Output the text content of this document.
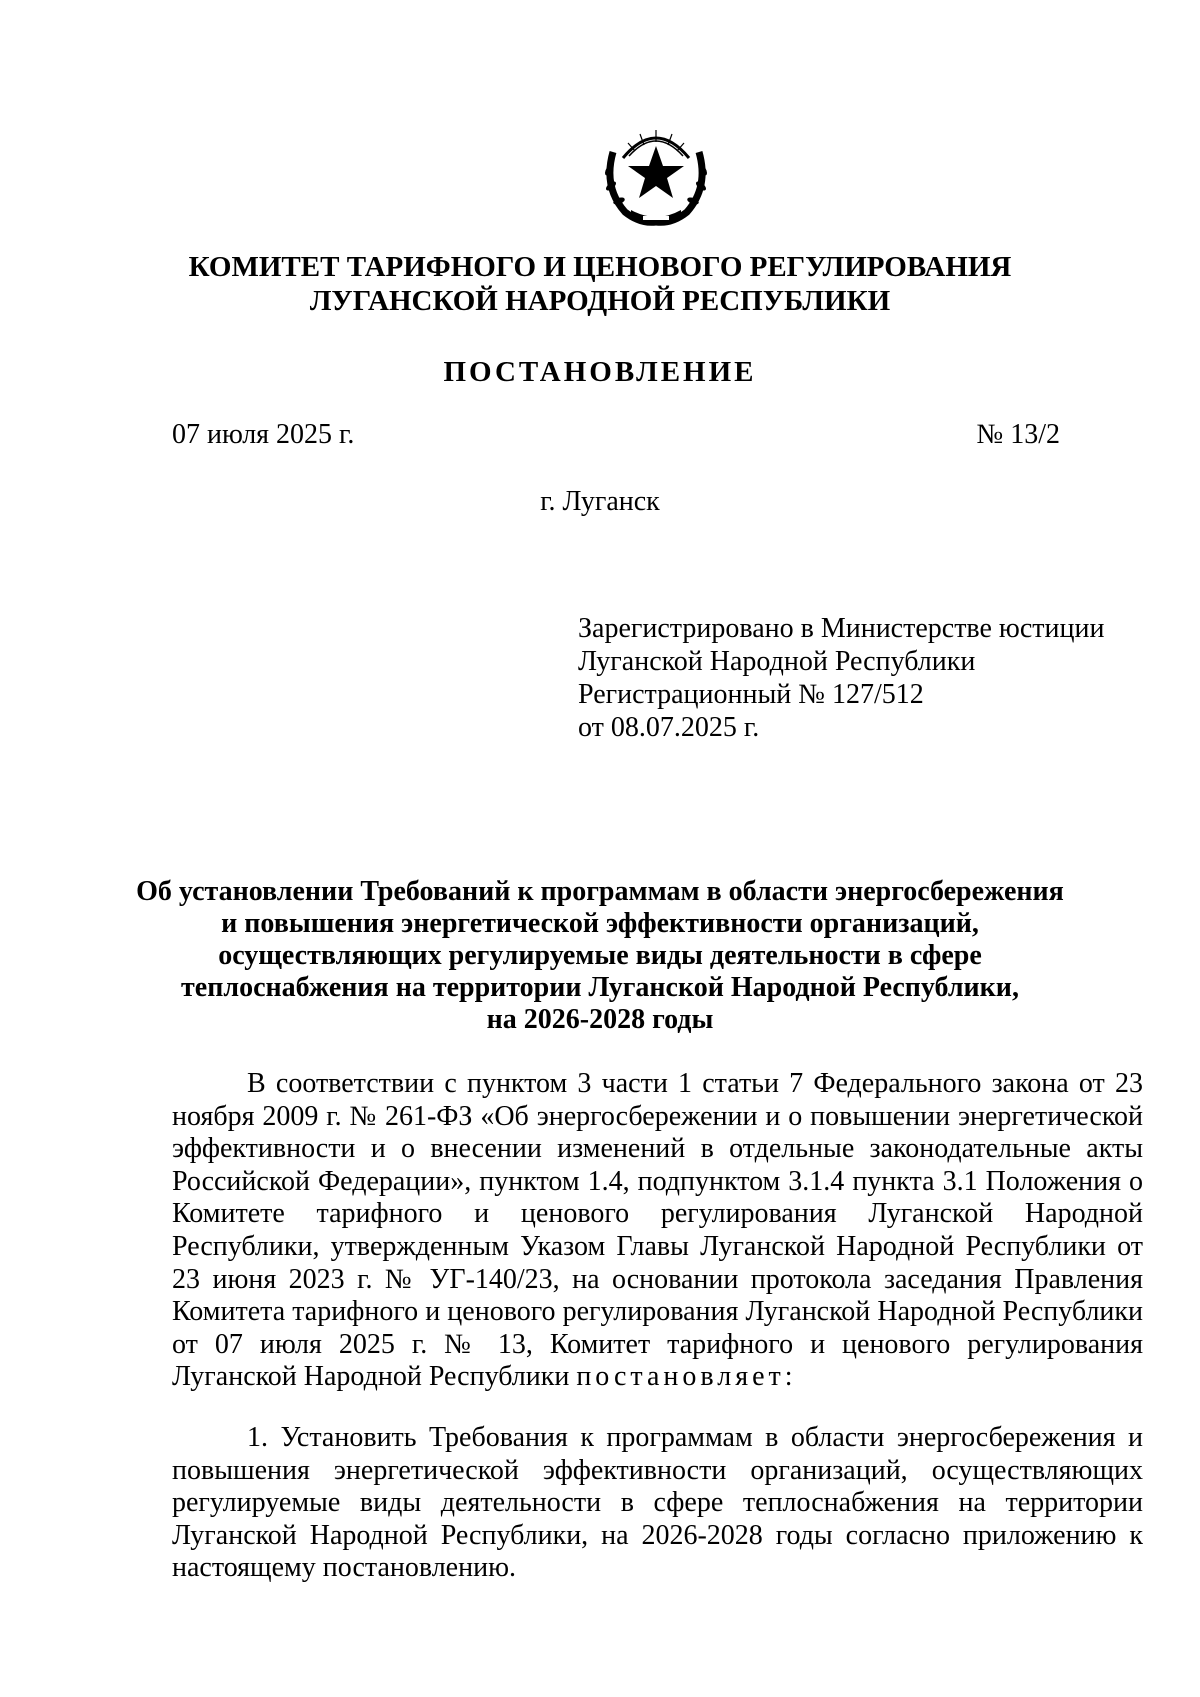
КОМИТЕТ ТАРИФНОГО И ЦЕНОВОГО РЕГУЛИРОВАНИЯ
ЛУГАНСКОЙ НАРОДНОЙ РЕСПУБЛИКИ
ПОСТАНОВЛЕНИЕ
07 июля 2025 г.	№ 13/2
г. Луганск
Зарегистрировано в Министерстве юстиции
Луганской Народной Республики
Регистрационный № 127/512
от 08.07.2025 г.
Об установлении Требований к программам в области энергосбережения
и повышения энергетической эффективности организаций,
осуществляющих регулируемые виды деятельности в сфере
теплоснабжения на территории Луганской Народной Республики,
на 2026-2028 годы
В соответствии с пунктом 3 части 1 статьи 7 Федерального закона от 23 ноября 2009 г. № 261-ФЗ «Об энергосбережении и о повышении энергетической эффективности и о внесении изменений в отдельные законодательные акты Российской Федерации», пунктом 1.4, подпунктом 3.1.4 пункта 3.1 Положения о Комитете тарифного и ценового регулирования Луганской Народной Республики, утвержденным Указом Главы Луганской Народной Республики от 23 июня 2023 г. № УГ-140/23, на основании протокола заседания Правления Комитета тарифного и ценового регулирования Луганской Народной Республики от 07 июля 2025 г. № 13, Комитет тарифного и ценового регулирования Луганской Народной Республики постановляет:
1. Установить Требования к программам в области энергосбережения и повышения энергетической эффективности организаций, осуществляющих регулируемые виды деятельности в сфере теплоснабжения на территории Луганской Народной Республики, на 2026-2028 годы согласно приложению к настоящему постановлению.
